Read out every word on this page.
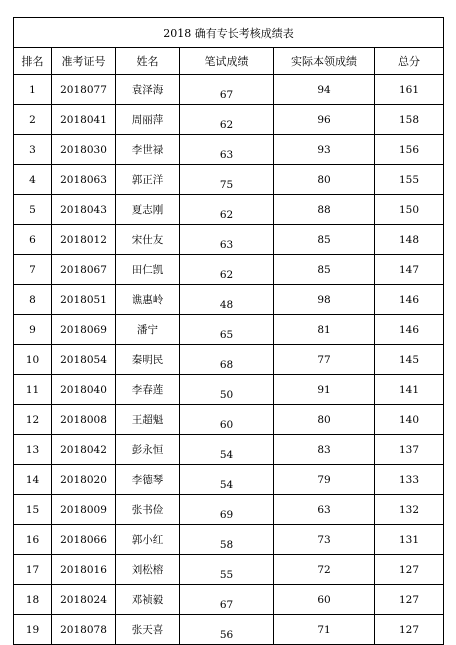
2018 确有专长考核成绩表					
排名	准考证号	姓名	笔试成绩	实际本领成绩	总分
1	2018077	袁泽海	67	94	161
2	2018041	周丽萍	62	96	158
3	2018030	李世禄	63	93	156
4	2018063	郭正洋	75	80	155
5	2018043	夏志刚	62	88	150
6	2018012	宋仕友	63	85	148
7	2018067	田仁凯	62	85	147
8	2018051	谯惠岭	48	98	146
9	2018069	潘宁	65	81	146
10	2018054	秦明民	68	77	145
11	2018040	李春莲	50	91	141
12	2018008	王超魁	60	80	140
13	2018042	彭永恒	54	83	137
14	2018020	李德琴	54	79	133
15	2018009	张书俭	69	63	132
16	2018066	郭小红	58	73	131
17	2018016	刘松榕	55	72	127
18	2018024	邓祯毅	67	60	127
19	2018078	张天喜	56	71	127
